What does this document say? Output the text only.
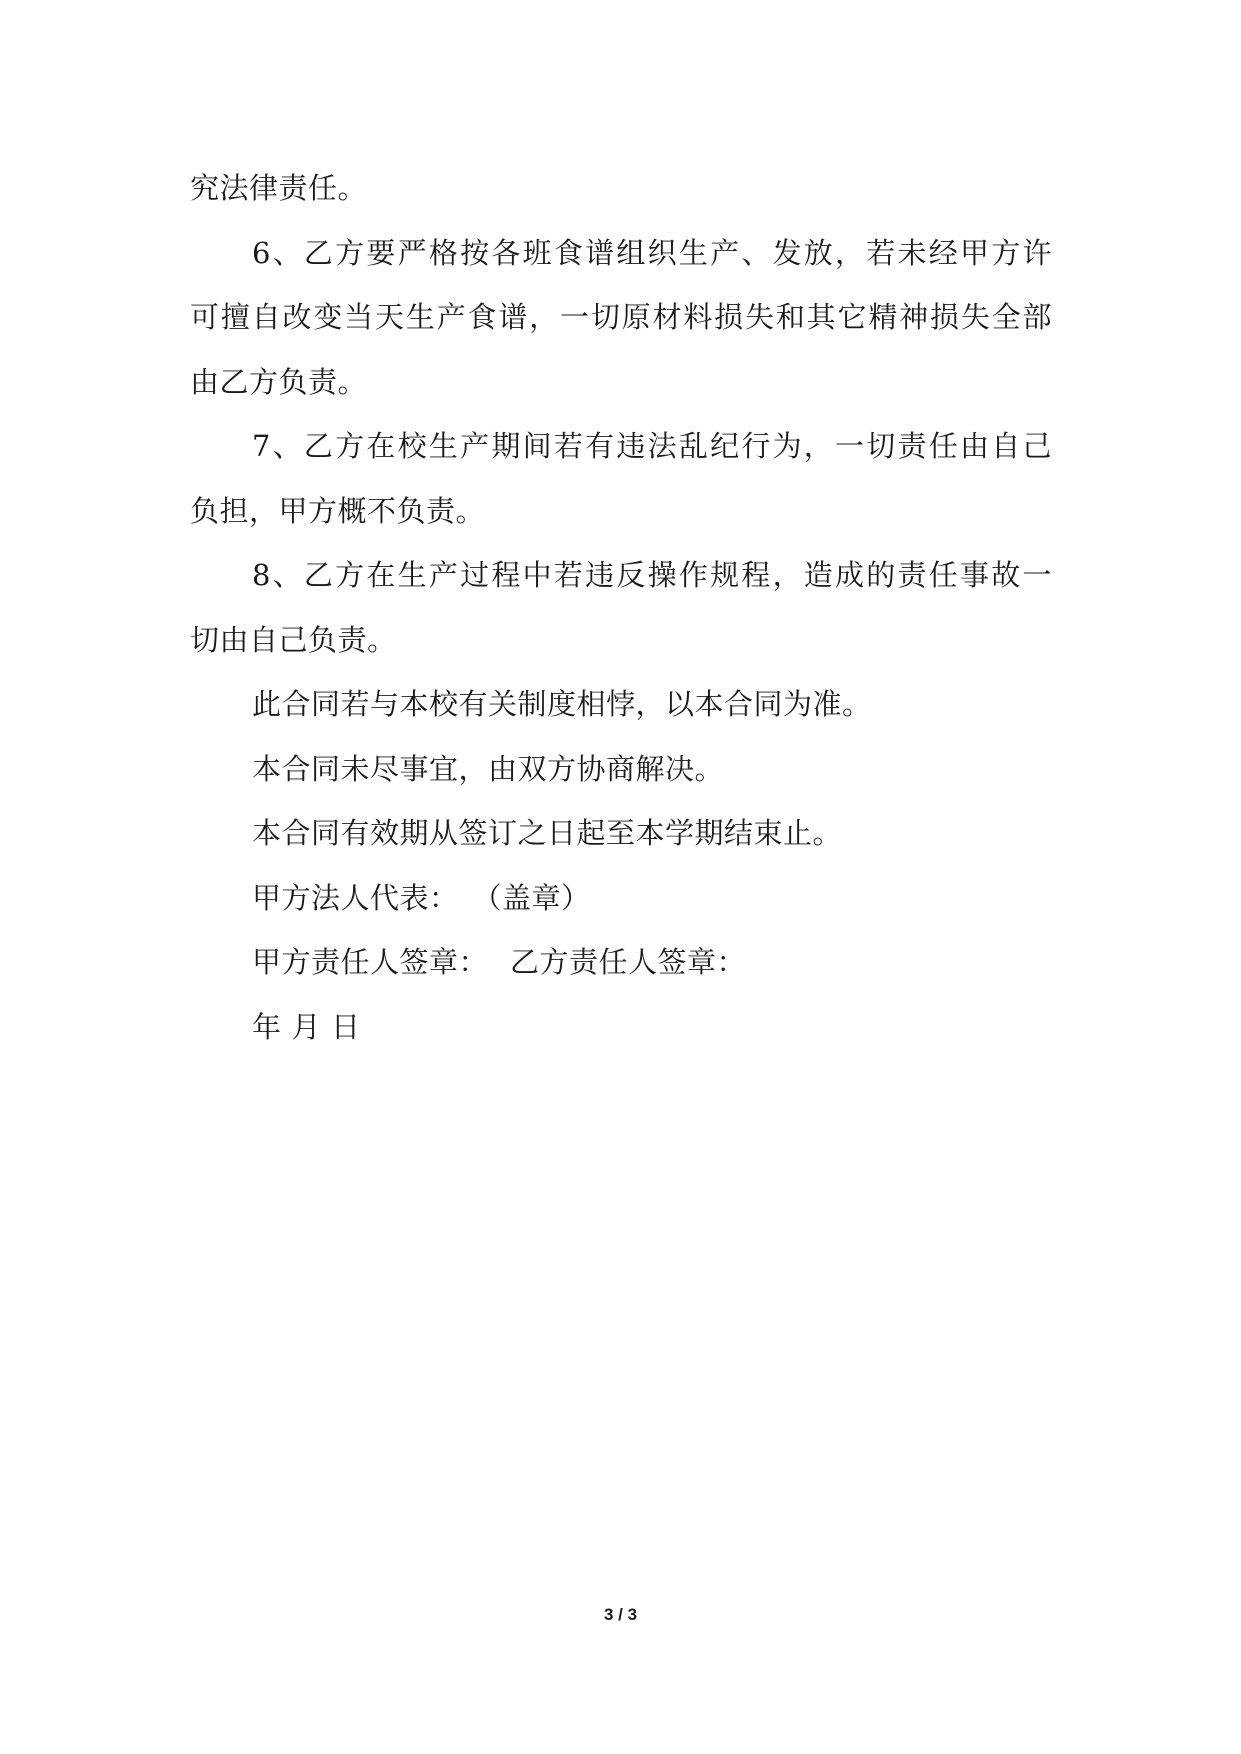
究法律责任。
6、乙方要严格按各班食谱组织生产、发放，若未经甲方许
可擅自改变当天生产食谱，一切原材料损失和其它精神损失全部
由乙方负责。
7、乙方在校生产期间若有违法乱纪行为，一切责任由自己
负担，甲方概不负责。
8、乙方在生产过程中若违反操作规程，造成的责任事故一
切由自己负责。
此合同若与本校有关制度相悖，以本合同为准。
本合同未尽事宜，由双方协商解决。
本合同有效期从签订之日起至本学期结束止。
甲方法人代表： （盖章）
甲方责任人签章： 乙方责任人签章：
年 月 日
3 / 3
